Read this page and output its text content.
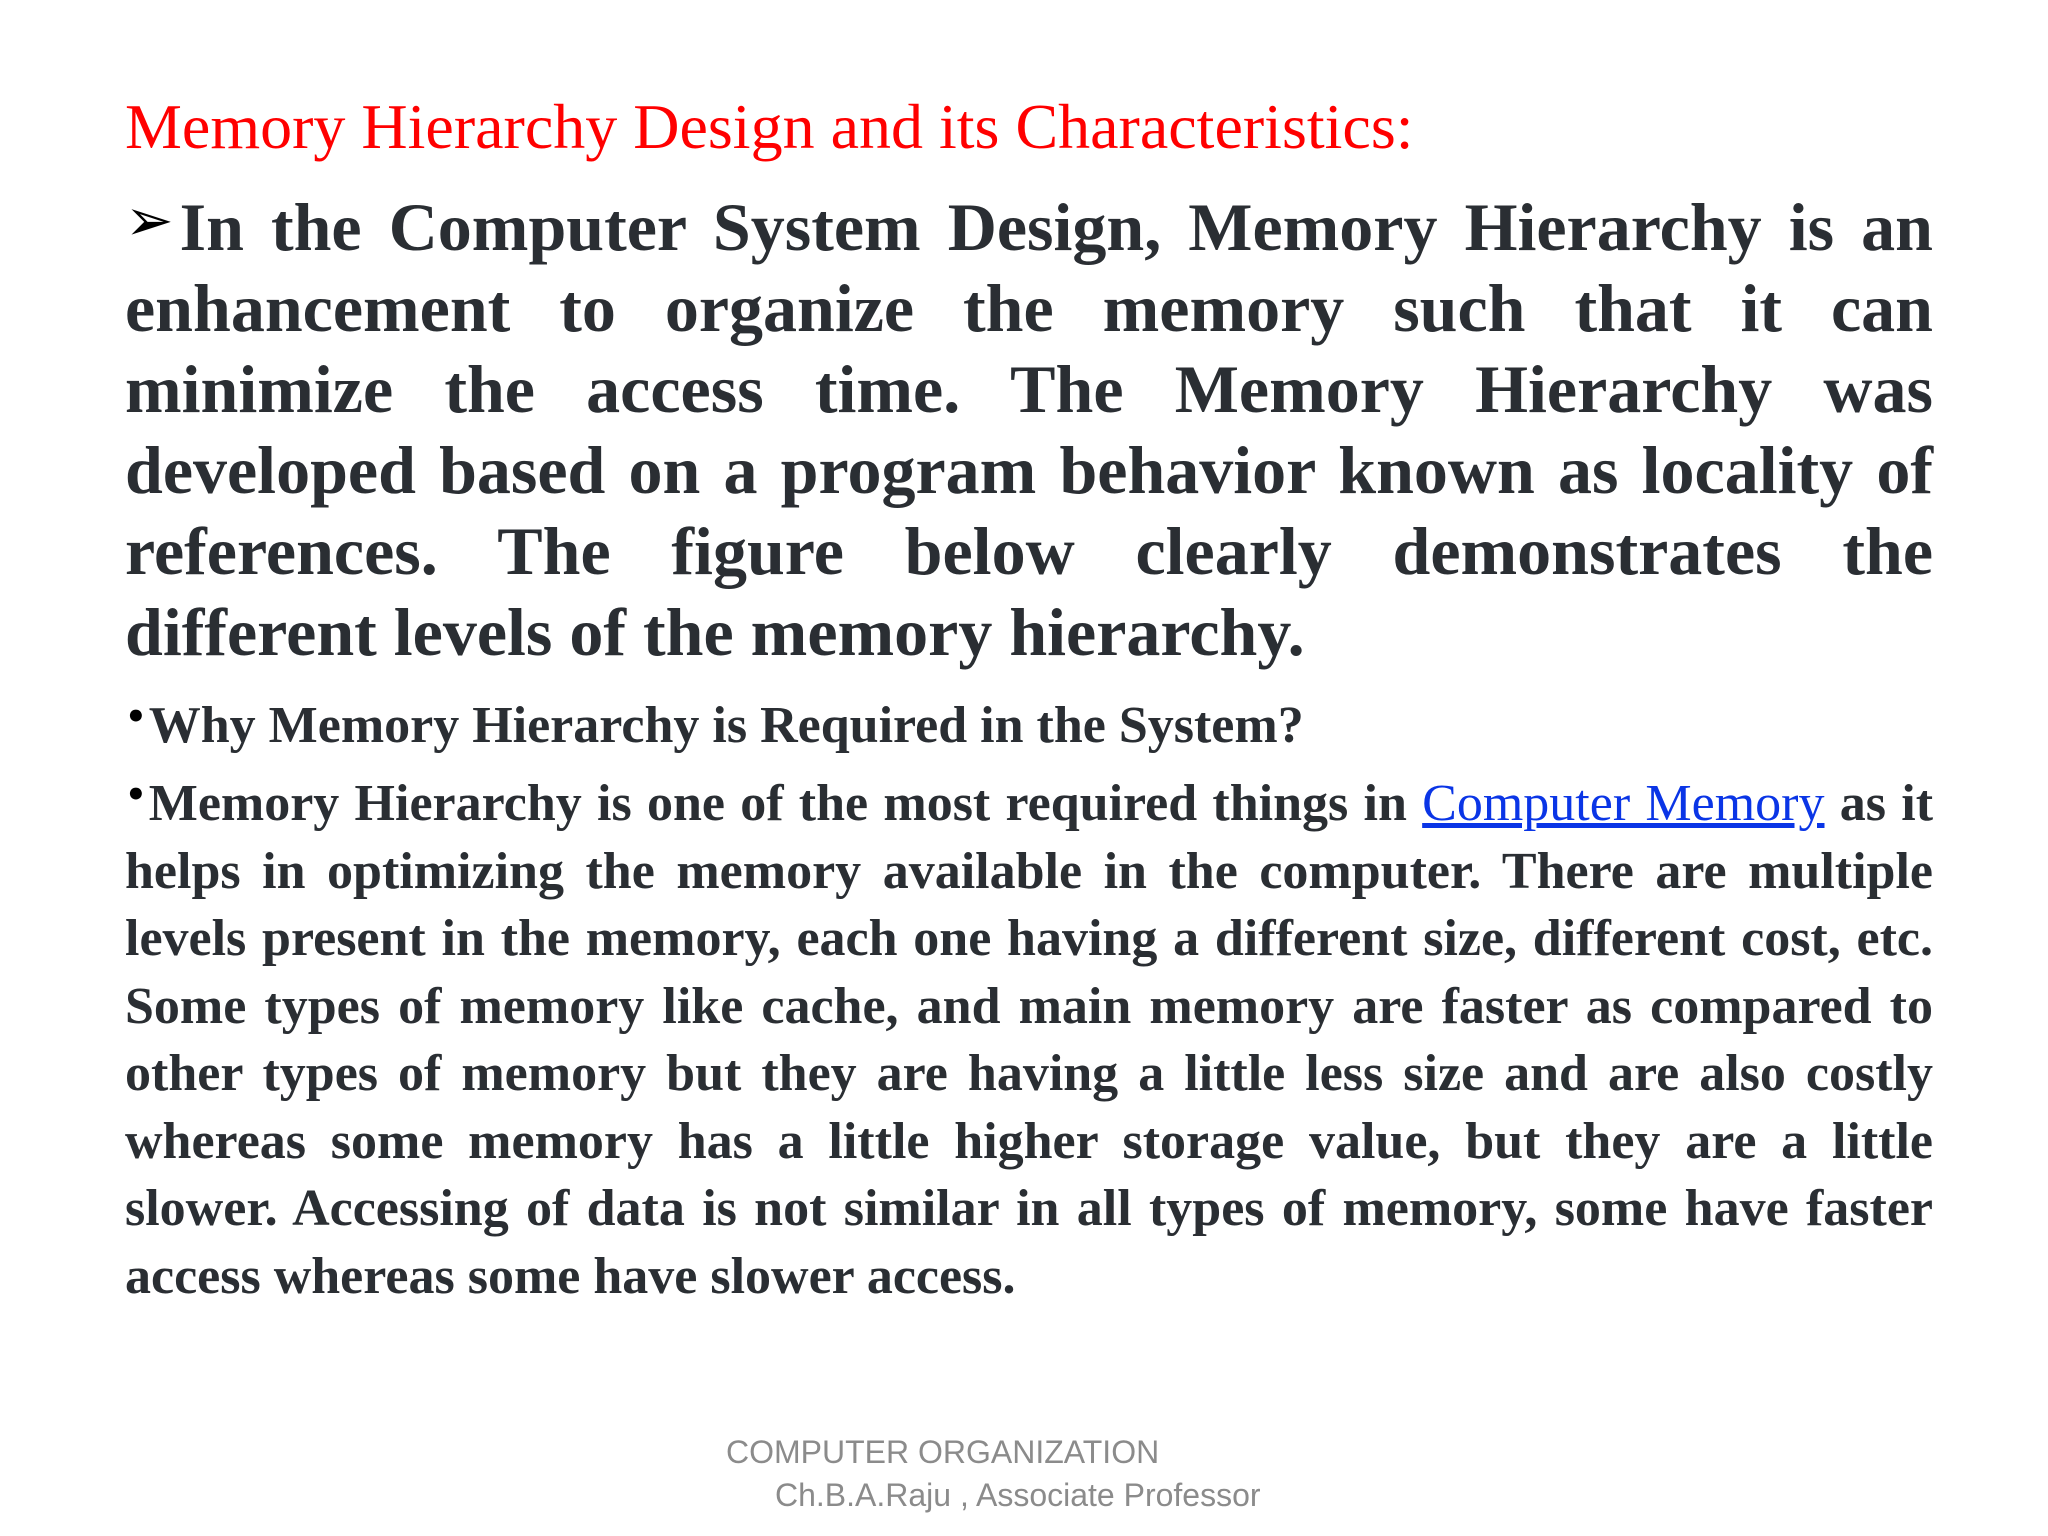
Memory Hierarchy Design and its Characteristics:
➢In the Computer System Design, Memory Hierarchy is an enhancement to organize the memory such that it can minimize the access time. The Memory Hierarchy was developed based on a program behavior known as locality of references. The figure below clearly demonstrates the different levels of the memory hierarchy.
•Why Memory Hierarchy is Required in the System?
•Memory Hierarchy is one of the most required things in Computer Memory as it helps in optimizing the memory available in the computer. There are multiple levels present in the memory, each one having a different size, different cost, etc. Some types of memory like cache, and main memory are faster as compared to other types of memory but they are having a little less size and are also costly whereas some memory has a little higher storage value, but they are a little slower. Accessing of data is not similar in all types of memory, some have faster access whereas some have slower access.
COMPUTER ORGANIZATION
Ch.B.A.Raju , Associate Professor
